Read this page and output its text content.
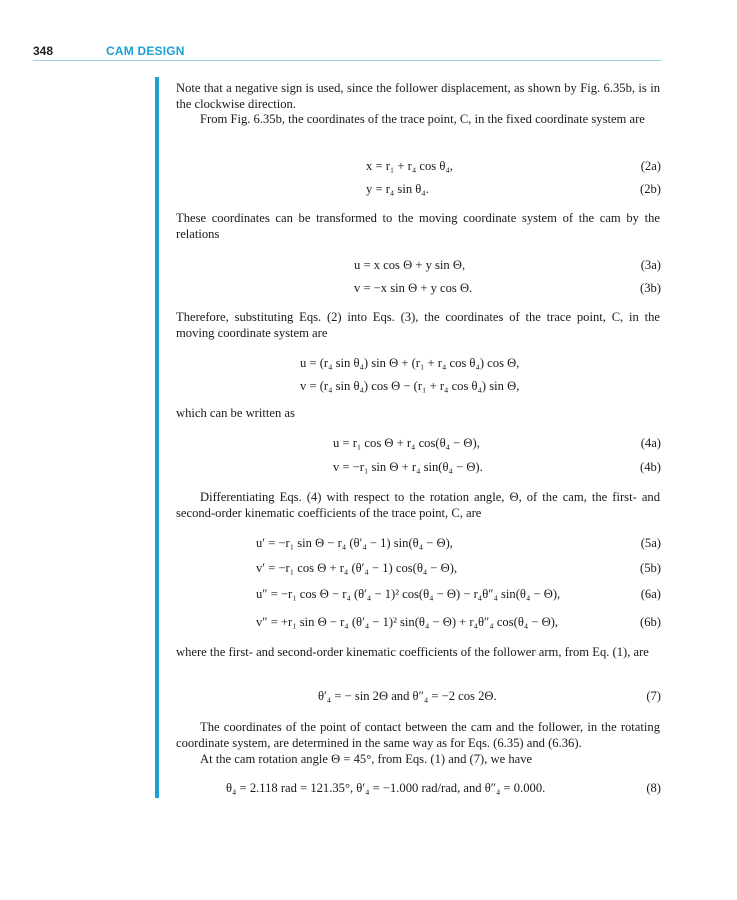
348	CAM DESIGN
Note that a negative sign is used, since the follower displacement, as shown by Fig. 6.35b, is in the clockwise direction.
From Fig. 6.35b, the coordinates of the trace point, C, in the fixed coordinate system are
x = r₁ + r₄ cos θ₄,	(2a)
y = r₄ sin θ₄.	(2b)
These coordinates can be transformed to the moving coordinate system of the cam by the relations
u = x cos Θ + y sin Θ,	(3a)
v = −x sin Θ + y cos Θ.	(3b)
Therefore, substituting Eqs. (2) into Eqs. (3), the coordinates of the trace point, C, in the moving coordinate system are
u = (r₄ sin θ₄) sin Θ + (r₁ + r₄ cos θ₄) cos Θ,
v = (r₄ sin θ₄) cos Θ − (r₁ + r₄ cos θ₄) sin Θ,
which can be written as
u = r₁ cos Θ + r₄ cos(θ₄ − Θ),	(4a)
v = −r₁ sin Θ + r₄ sin(θ₄ − Θ).	(4b)
Differentiating Eqs. (4) with respect to the rotation angle, Θ, of the cam, the first- and second-order kinematic coefficients of the trace point, C, are
u′ = −r₁ sin Θ − r₄ (θ′₄ − 1) sin(θ₄ − Θ),	(5a)
v′ = −r₁ cos Θ + r₄ (θ′₄ − 1) cos(θ₄ − Θ),	(5b)
u″ = −r₁ cos Θ − r₄ (θ′₄ − 1)² cos(θ₄ − Θ) − r₄θ″₄ sin(θ₄ − Θ),	(6a)
v″ = +r₁ sin Θ − r₄ (θ′₄ − 1)² sin(θ₄ − Θ) + r₄θ″₄ cos(θ₄ − Θ),	(6b)
where the first- and second-order kinematic coefficients of the follower arm, from Eq. (1), are
θ′₄ = − sin 2Θ and θ″₄ = −2 cos 2Θ.	(7)
The coordinates of the point of contact between the cam and the follower, in the rotating coordinate system, are determined in the same way as for Eqs. (6.35) and (6.36).
At the cam rotation angle Θ = 45°, from Eqs. (1) and (7), we have
θ₄ = 2.118 rad = 121.35°, θ′₄ = −1.000 rad/rad, and θ″₄ = 0.000.	(8)
